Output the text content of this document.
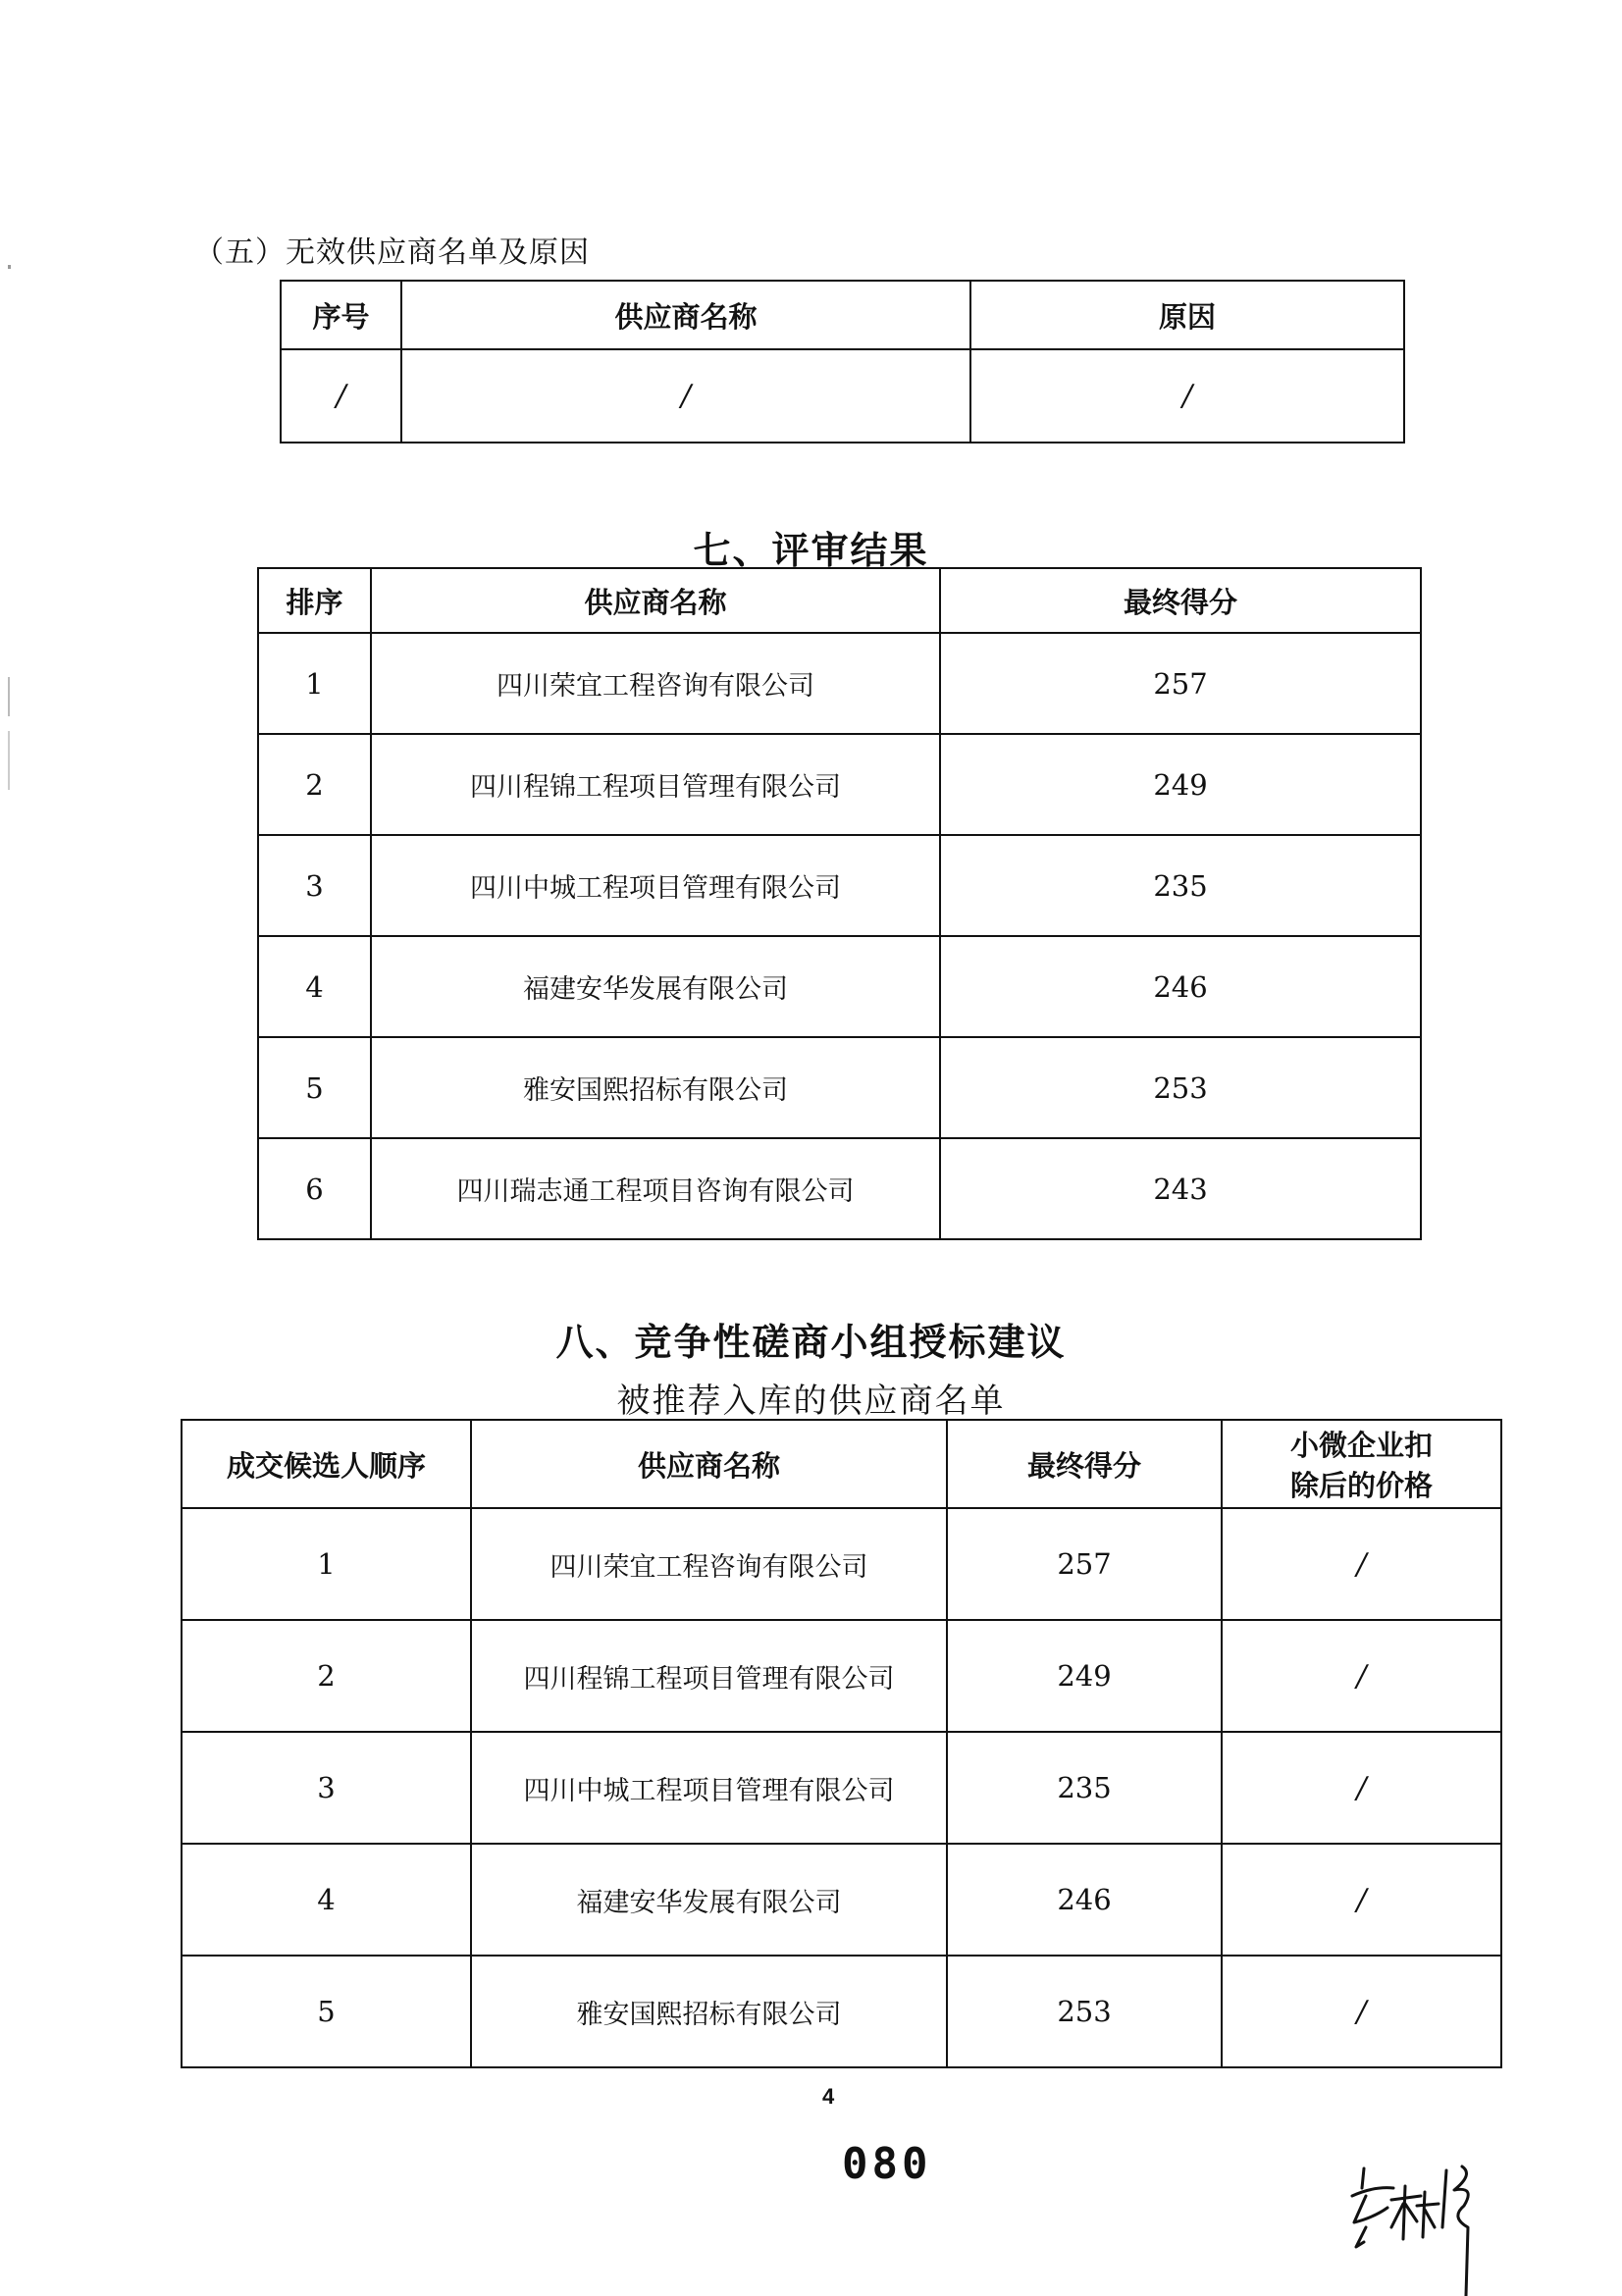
（五）无效供应商名单及原因
序号	供应商名称	原因
/	/	/
七、评审结果
排序	供应商名称	最终得分
1	四川荣宜工程咨询有限公司	257
2	四川程锦工程项目管理有限公司	249
3	四川中城工程项目管理有限公司	235
4	福建安华发展有限公司	246
5	雅安国熙招标有限公司	253
6	四川瑞志通工程项目咨询有限公司	243
八、竞争性磋商小组授标建议
被推荐入库的供应商名单
成交候选人顺序	供应商名称	最终得分	小微企业扣
除后的价格

1	四川荣宜工程咨询有限公司	257	/
2	四川程锦工程项目管理有限公司	249	/
3	四川中城工程项目管理有限公司	235	/
4	福建安华发展有限公司	246	/
5	雅安国熙招标有限公司	253	/
4
080
